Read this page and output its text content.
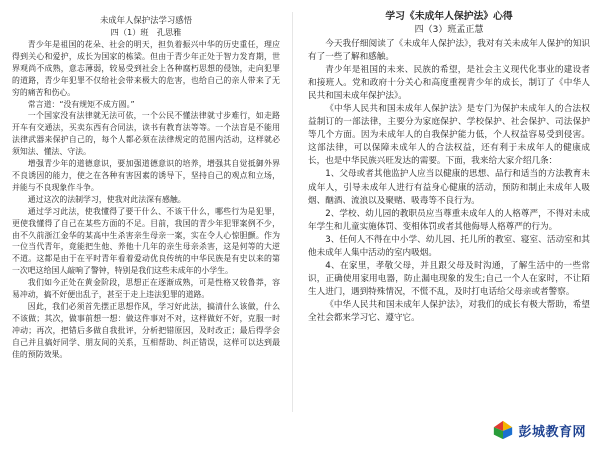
未成年人保护法学习感悟
四（1）班　孔思雅

青少年是祖国的花朵、社会的明天，担负着振兴中华的历史重任，理应得到关心和爱护，成长为国家的栋梁。但由于青少年正处于智力发育期，世界观尚不成熟，意志薄弱，较易受到社会上各种腐朽思想的侵蚀，走向犯罪的道路，青少年犯罪不仅给社会带来极大的危害，也给自己的亲人带来了无穷的痛苦和伤心。

常言道：“没有规矩不成方圆。”

一个国家没有法律就无法可依，一个公民不懂法律就寸步难行，如走路开车有交通法，买卖东西有合同法，读书有教育法等等。一个法盲是不能用法律武器来保护自己的，每个人都必须在法律规定的范围内活动，这样就必须知法、懂法、守法。

增强青少年的道德意识，要加强道德意识的培养，增强其自觉抵御外界不良诱因的能力，使之在各种有害因素的诱导下，坚持自己的观点和立场，并能与不良现象作斗争。

通过这次的法制学习，使我对此法深有感触。

通过学习此法，使我懂得了要干什么、不该干什么，哪些行为是犯罪，更使我懂得了自己在某些方面的不足。目前，我国的青少年犯罪案例不少，由不久前浙江金华的某高中生杀害亲生母亲一案，实在令人心惊胆颤。作为一位当代青年，竟能把生他、养他十几年的亲生母亲杀害，这是何等的大逆不道。这都是由于在平时青年看着爱动优良传统的中华民族是有史以来的第一次吧这给国人敲响了警钟，特别是我们这些未成年的小学生。

我们如今正处在黄金阶段，思想正在逐渐成熟，可是性格又较鲁莽，容易冲动，搞不好便出乱子，甚至于走上违法犯罪的道路。

因此，我们必须首先摆正思想作风，学习好此法，搞清什么该做，什么不该做；其次，做事前想一想：做这件事对不对，这样做好不好，克服一时冲动；再次，把错后多做自我批评，分析把错原因，及时改正；最后得学会自己并且搞好同学、朋友间的关系，互相帮助、纠正错误，这样可以达到最佳的预防效果。

学习《未成年人保护法》心得
四（3）班孟正慧

今天我仔细阅读了《未成年人保护法》，我对有关未成年人保护的知识有了一些了解和感触。

青少年是祖国的未来、民族的希望，是社会主义现代化事业的建设者和接班人。党和政府十分关心和高度重视青少年的成长，制订了《中华人民共和国未成年保护法》。

《中华人民共和国未成年人保护法》是专门为保护未成年人的合法权益制订的一部法律，主要分为家庭保护、学校保护、社会保护、司法保护等几个方面。因为未成年人的自我保护能力低，个人权益容易受到侵害。这部法律，可以保障未成年人的合法权益，还有利于未成年人的健康成长，也是中华民族兴旺发达的需要。下面，我来给大家介绍几条：

1、父母或者其他监护人应当以健康的思想、品行和适当的方法教育未成年人，引导未成年人进行有益身心健康的活动，预防和制止未成年人吸烟、酗酒、流浪以及聚赌、吸毒等不良行为。

2、学校、幼儿园的教职员应当尊重未成年人的人格尊严，不得对未成年学生和儿童实施体罚、变相体罚或者其他侮辱人格尊严的行为。

3、任何人不得在中小学、幼儿园、托儿所的教室、寝室、活动室和其他未成年人集中活动的室内吸烟。

4、在家里，孝敬父母，并且跟父母及时沟通，了解生活中的一些常识，正确使用家用电器，防止漏电现象的发生;自己一个人在家时，不让陌生人进门，遇到特殊情况，不慌不乱，及时打电话给父母亲或者警察。

《中华人民共和国未成年人保护法》，对我们的成长有极大帮助，希望全社会都来学习它、遵守它。

彭城教育网
